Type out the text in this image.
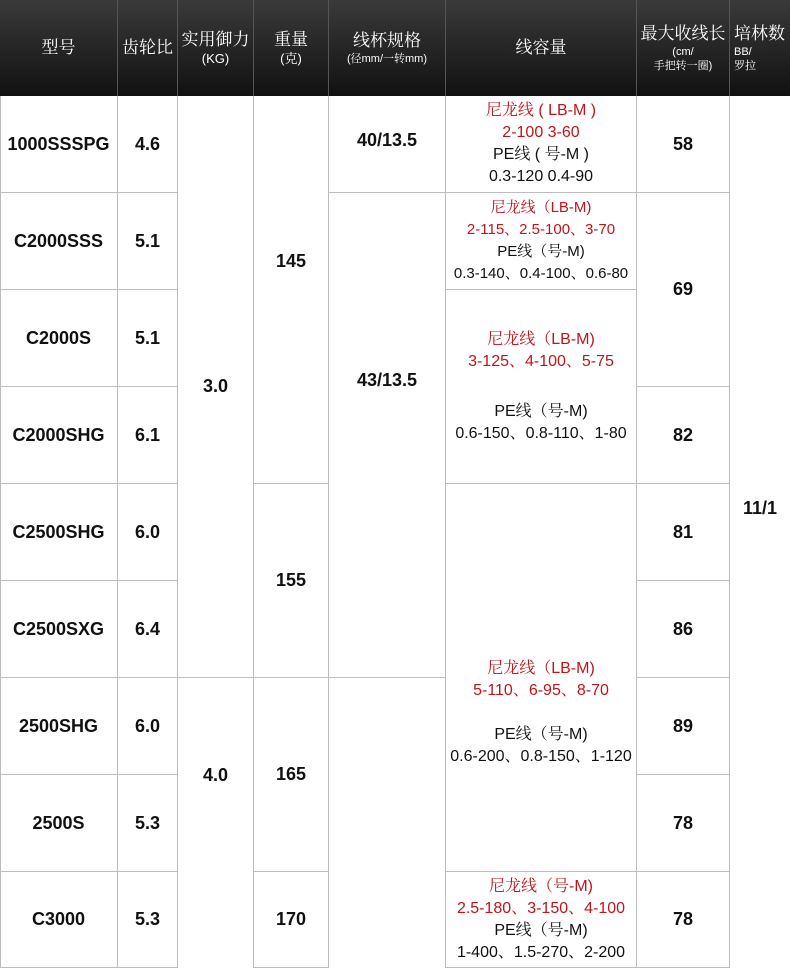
型号	齿轮比 实用御力
(KG)
重量
(克)
线杯规格
(径mm/一转mm)
线容量
最大收线长
(cm/
手把转一圈)
培林数
BB/
罗拉
1000SSSPG
C2000SSS
C2000S
C2000SHG
C2500SHG
C2500SXG
2500SHG
2500S
C3000
4.6
5.1
5.1
6.1
6.0
6.4
6.0
5.3
5.3
3.0
4.0
145
155
165
170
40/13.5
43/13.5
尼龙线 ( LB-M )
2-100 3-60
PE线 ( 号-M )
0.3-120 0.4-90
尼龙线（LB-M)
2-115、2.5-100、3-70
PE线（号-M)
0.3-140、0.4-100、0.6-80
尼龙线（LB-M)
3-125、4-100、5-75
PE线（号-M)
0.6-150、0.8-110、1-80
尼龙线（LB-M)
5-110、6-95、8-70
PE线（号-M)
0.6-200、0.8-150、1-120
尼龙线（号-M)
2.5-180、3-150、4-100
PE线（号-M)
1-400、1.5-270、2-200
58
69
82
81
86
89
78
78
11/1
